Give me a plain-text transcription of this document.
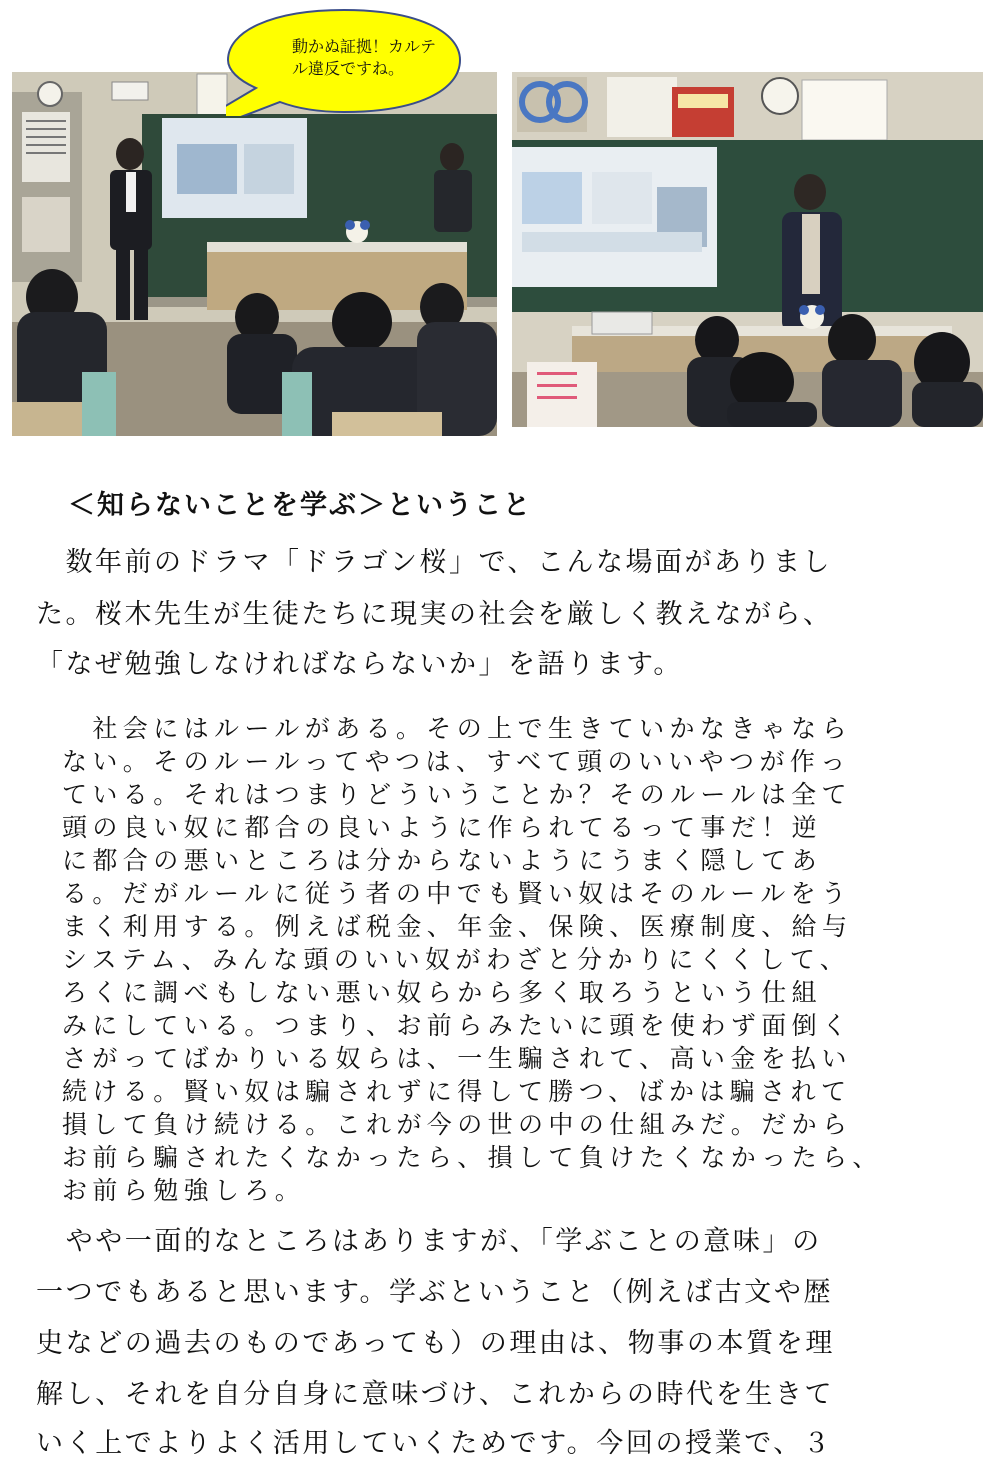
動かぬ証拠！カルテル違反ですね。
＜知らないことを学ぶ＞ということ
　数年前のドラマ「ドラゴン桜」で、こんな場面がありまし
た。桜木先生が生徒たちに現実の社会を厳しく教えながら、
「なぜ勉強しなければならないか」を語ります。
　社会にはルールがある。その上で生きていかなきゃなら
ない。そのルールってやつは、すべて頭のいいやつが作っ
ている。それはつまりどういうことか？そのルールは全て
頭の良い奴に都合の良いように作られてるって事だ！逆
に都合の悪いところは分からないようにうまく隠してあ
る。だがルールに従う者の中でも賢い奴はそのルールをう
まく利用する。例えば税金、年金、保険、医療制度、給与
システム、みんな頭のいい奴がわざと分かりにくくして、
ろくに調べもしない悪い奴らから多く取ろうという仕組
みにしている。つまり、お前らみたいに頭を使わず面倒く
さがってばかりいる奴らは、一生騙されて、高い金を払い
続ける。賢い奴は騙されずに得して勝つ、ばかは騙されて
損して負け続ける。これが今の世の中の仕組みだ。だから
お前ら騙されたくなかったら、損して負けたくなかったら、
お前ら勉強しろ。
　やや一面的なところはありますが、「学ぶことの意味」の
一つでもあると思います。学ぶということ（例えば古文や歴
史などの過去のものであっても）の理由は、物事の本質を理
解し、それを自分自身に意味づけ、これからの時代を生きて
いく上でよりよく活用していくためです。今回の授業で、３
